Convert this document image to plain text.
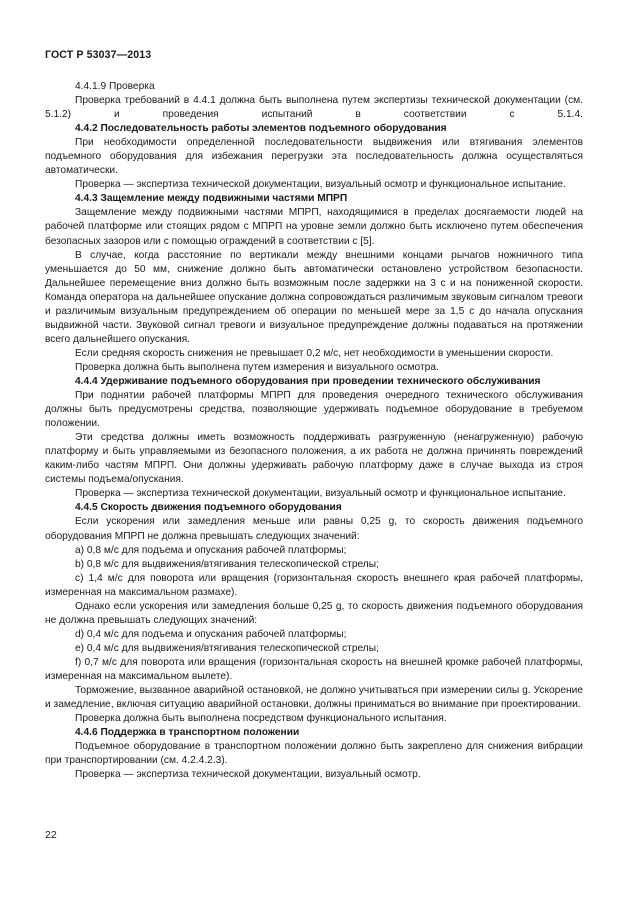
ГОСТ Р 53037—2013

4.4.1.9 Проверка

Проверка требований в 4.4.1 должна быть выполнена путем экспертизы технической документации (см. 5.1.2) и проведения испытаний в соответствии с 5.1.4.

4.4.2 Последовательность работы элементов подъемного оборудования

При необходимости определенной последовательности выдвижения или втягивания элементов подъемного оборудования для избежания перегрузки эта последовательность должна осуществляться автоматически.

Проверка — экспертиза технической документации, визуальный осмотр и функциональное испытание.

4.4.3 Защемление между подвижными частями МПРП

Защемление между подвижными частями МПРП, находящимися в пределах досягаемости людей на рабочей платформе или стоящих рядом с МПРП на уровне земли должно быть исключено путем обеспечения безопасных зазоров или с помощью ограждений в соответствии с [5].

В случае, когда расстояние по вертикали между внешними концами рычагов ножничного типа уменьшается до 50 мм, снижение должно быть автоматически остановлено устройством безопасности. Дальнейшее перемещение вниз должно быть возможным после задержки на 3 с и на пониженной скорости. Команда оператора на дальнейшее опускание должна сопровождаться различимым звуковым сигналом тревоги и различимым визуальным предупреждением об операции по меньшей мере за 1,5 с до начала опускания выдвижной части. Звуковой сигнал тревоги и визуальное предупреждение должны подаваться на протяжении всего дальнейшего опускания.

Если средняя скорость снижения не превышает 0,2 м/с, нет необходимости в уменьшении скорости.

Проверка должна быть выполнена путем измерения и визуального осмотра.

4.4.4 Удерживание подъемного оборудования при проведении технического обслуживания

При поднятии рабочей платформы МПРП для проведения очередного технического обслуживания должны быть предусмотрены средства, позволяющие удерживать подъемное оборудование в требуемом положении.

Эти средства должны иметь возможность поддерживать разгруженную (ненагруженную) рабочую платформу и быть управляемыми из безопасного положения, а их работа не должна причинять повреждений каким-либо частям МПРП. Они должны удерживать рабочую платформу даже в случае выхода из строя системы подъема/опускания.

Проверка — экспертиза технической документации, визуальный осмотр и функциональное испытание.

4.4.5 Скорость движения подъемного оборудования

Если ускорения или замедления меньше или равны 0,25 g, то скорость движения подъемного оборудования МПРП не должна превышать следующих значений:

a) 0,8 м/с для подъема и опускания рабочей платформы;

b) 0,8 м/с для выдвижения/втягивания телескопической стрелы;

c) 1,4 м/с для поворота или вращения (горизонтальная скорость внешнего края рабочей платформы, измеренная на максимальном размахе).

Однако если ускорения или замедления больше 0,25 g, то скорость движения подъемного оборудования не должна превышать следующих значений:

d) 0,4 м/с для подъема и опускания рабочей платформы;

e) 0,4 м/с для выдвижения/втягивания телескопической стрелы;

f) 0,7 м/с для поворота или вращения (горизонтальная скорость на внешней кромке рабочей платформы, измеренная на максимальном вылете).

Торможение, вызванное аварийной остановкой, не должно учитываться при измерении силы g. Ускорение и замедление, включая ситуацию аварийной остановки, должны приниматься во внимание при проектировании.

Проверка должна быть выполнена посредством функционального испытания.

4.4.6 Поддержка в транспортном положении

Подъемное оборудование в транспортном положении должно быть закреплено для снижения вибрации при транспортировании (см. 4.2.4.2.3).

Проверка — экспертиза технической документации, визуальный осмотр.

22
